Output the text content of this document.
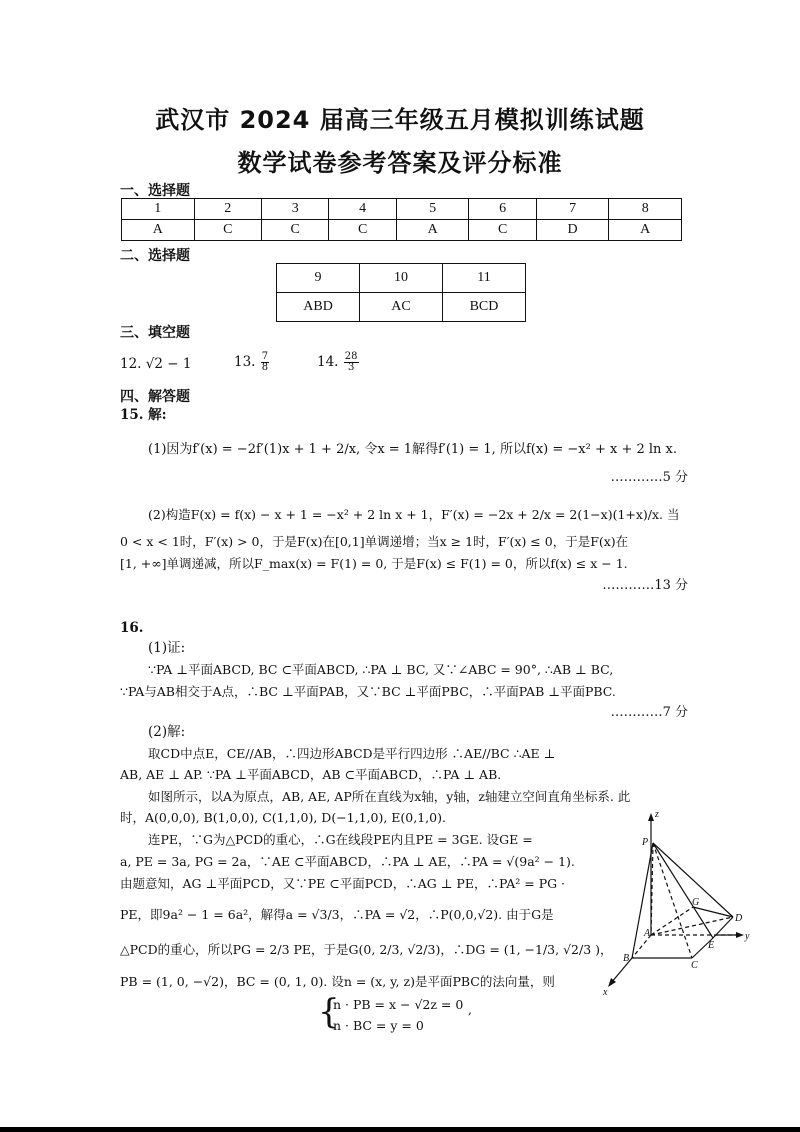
武汉市 2024 届高三年级五月模拟训练试题
数学试卷参考答案及评分标准
一、选择题
1	2	3	4	5	6	7	8
A	C	C	C	A	C	D	A
二、选择题
9	10	11
ABD	AC	BCD
三、填空题
12. √2 − 1	13. $\frac{7}{8}$	14. $\frac{28}{3}$
四、解答题
15. 解:
(1)因为f′(x) = −2f′(1)x + 1 + 2/x, 令x = 1解得f′(1) = 1, 所以f(x) = −x² + x + 2 ln x.
…………5 分
(2)构造F(x) = f(x) − x + 1 = −x² + 2 ln x + 1，F′(x) = −2x + 2/x = 2(1−x)(1+x)/x. 当
0 < x < 1时，F′(x) > 0，于是F(x)在[0,1]单调递增；当x ≥ 1时，F′(x) ≤ 0，于是F(x)在
[1, +∞]单调递减，所以F_max(x) = F(1) = 0, 于是F(x) ≤ F(1) = 0，所以f(x) ≤ x − 1.
…………13 分
16.
(1)证:
∵PA ⊥平面ABCD, BC ⊂平面ABCD, ∴PA ⊥ BC, 又∵∠ABC = 90°, ∴AB ⊥ BC,
∵PA与AB相交于A点，∴BC ⊥平面PAB，又∵BC ⊥平面PBC，∴平面PAB ⊥平面PBC.
…………7 分
(2)解:
取CD中点E，CE//AB，∴四边形ABCD是平行四边形 ∴AE//BC ∴AE ⊥
AB, AE ⊥ AP. ∵PA ⊥平面ABCD，AB ⊂平面ABCD，∴PA ⊥ AB.
如图所示，以A为原点，AB, AE, AP所在直线为x轴，y轴，z轴建立空间直角坐标系. 此
时，A(0,0,0), B(1,0,0), C(1,1,0), D(−1,1,0), E(0,1,0).
连PE，∵G为△PCD的重心，∴G在线段PE内且PE = 3GE. 设GE =
a, PE = 3a, PG = 2a，∵AE ⊂平面ABCD，∴PA ⊥ AE，∴PA = √(9a² − 1).
由题意知，AG ⊥平面PCD，又∵PE ⊂平面PCD，∴AG ⊥ PE，∴PA² = PG ·
PE，即9a² − 1 = 6a²，解得a = √3/3，∴PA = √2，∴P(0,0,√2). 由于G是
△PCD的重心，所以PG = 2/3 PE，于是G(0, 2/3, √2/3)，∴DG = (1, −1/3, √2/3 )，
PB = (1, 0, −√2)，BC = (0, 1, 0). 设n = (x, y, z)是平面PBC的法向量，则
{
n · PB = x − √2z = 0
n · BC = y = 0
,
z
P
G
D
A
E
y
B
C
x
